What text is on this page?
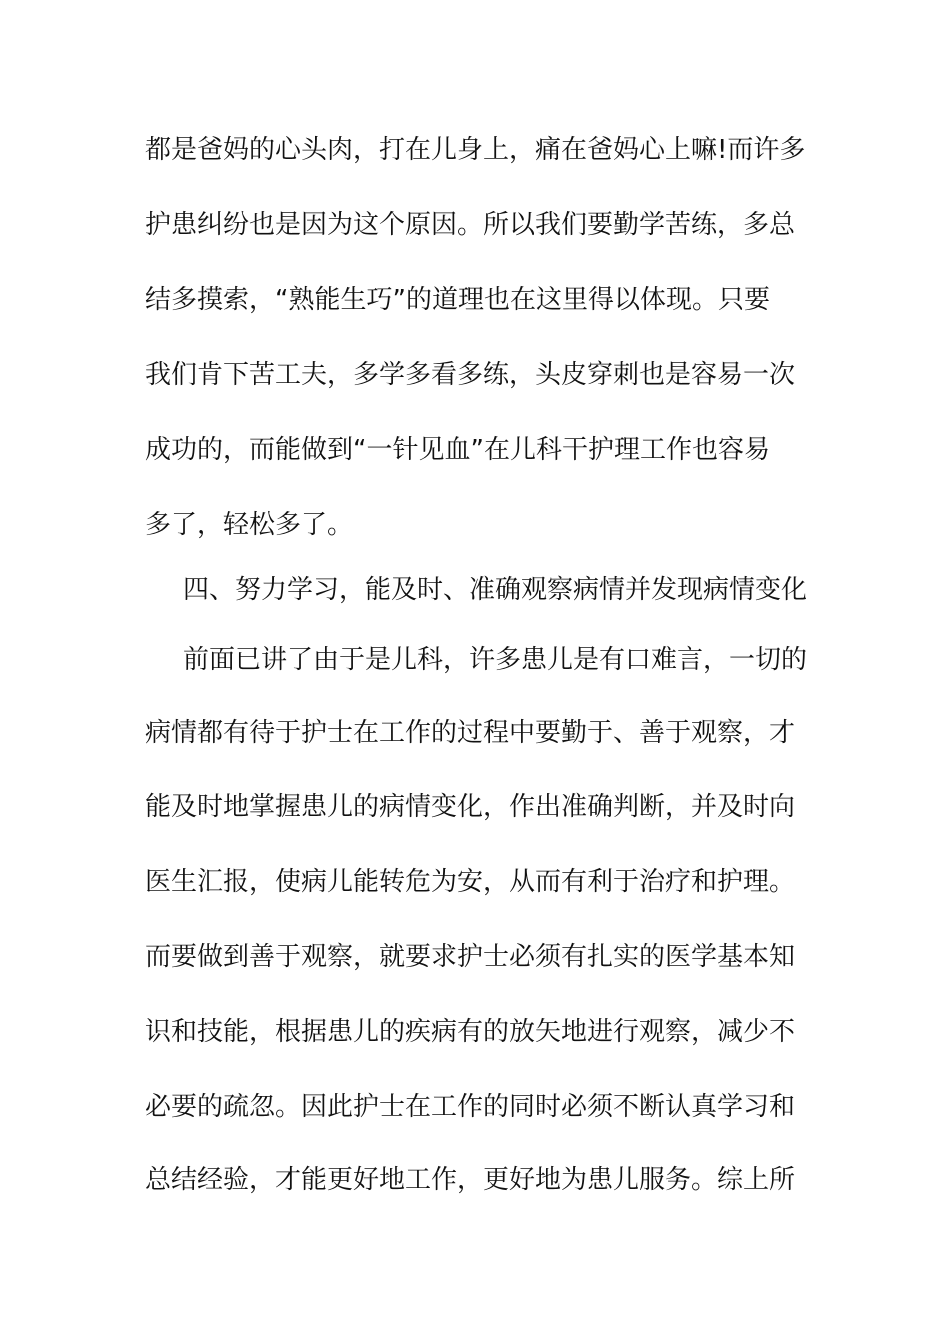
都是爸妈的心头肉，打在儿身上，痛在爸妈心上嘛!而许多
护患纠纷也是因为这个原因。所以我们要勤学苦练，多总
结多摸索，“熟能生巧”的道理也在这里得以体现。只要
我们肯下苦工夫，多学多看多练，头皮穿刺也是容易一次
成功的，而能做到“一针见血”在儿科干护理工作也容易
多了，轻松多了。
四、努力学习，能及时、准确观察病情并发现病情变化
前面已讲了由于是儿科，许多患儿是有口难言，一切的
病情都有待于护士在工作的过程中要勤于、善于观察，才
能及时地掌握患儿的病情变化，作出准确判断，并及时向
医生汇报，使病儿能转危为安，从而有利于治疗和护理。
而要做到善于观察，就要求护士必须有扎实的医学基本知
识和技能，根据患儿的疾病有的放矢地进行观察，减少不
必要的疏忽。因此护士在工作的同时必须不断认真学习和
总结经验，才能更好地工作，更好地为患儿服务。综上所
